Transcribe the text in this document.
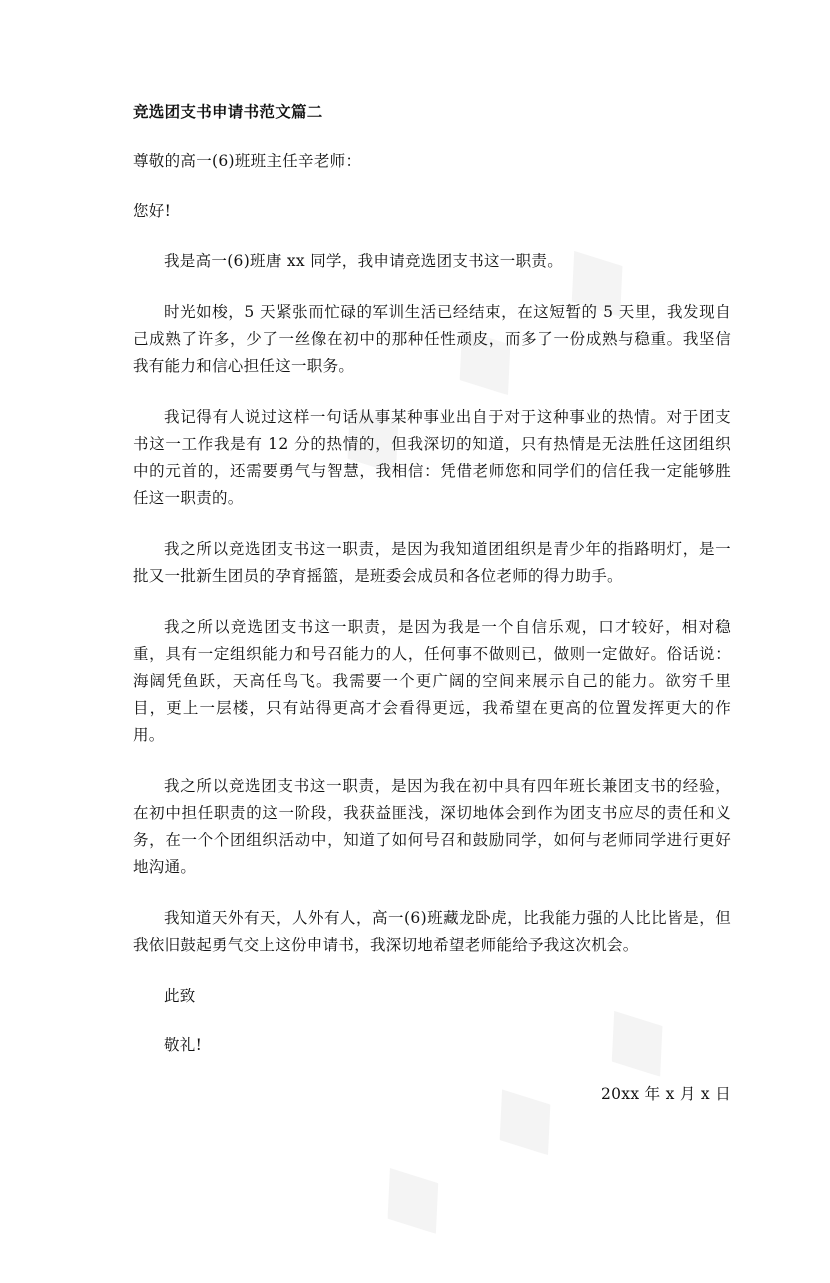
竞选团支书申请书范文篇二
尊敬的高一(6)班班主任辛老师：
您好!
我是高一(6)班唐 xx 同学，我申请竞选团支书这一职责。
时光如梭，5 天紧张而忙碌的军训生活已经结束，在这短暂的 5 天里，我发现自己成熟了许多，少了一丝像在初中的那种任性顽皮，而多了一份成熟与稳重。我坚信我有能力和信心担任这一职务。
我记得有人说过这样一句话从事某种事业出自于对于这种事业的热情。对于团支书这一工作我是有 12 分的热情的，但我深切的知道，只有热情是无法胜任这团组织中的元首的，还需要勇气与智慧，我相信：凭借老师您和同学们的信任我一定能够胜任这一职责的。
我之所以竞选团支书这一职责，是因为我知道团组织是青少年的指路明灯，是一批又一批新生团员的孕育摇篮，是班委会成员和各位老师的得力助手。
我之所以竞选团支书这一职责，是因为我是一个自信乐观，口才较好，相对稳重，具有一定组织能力和号召能力的人，任何事不做则已，做则一定做好。俗话说：海阔凭鱼跃，天高任鸟飞。我需要一个更广阔的空间来展示自己的能力。欲穷千里目，更上一层楼，只有站得更高才会看得更远，我希望在更高的位置发挥更大的作用。
我之所以竞选团支书这一职责，是因为我在初中具有四年班长兼团支书的经验，在初中担任职责的这一阶段，我获益匪浅，深切地体会到作为团支书应尽的责任和义务，在一个个团组织活动中，知道了如何号召和鼓励同学，如何与老师同学进行更好地沟通。
我知道天外有天，人外有人，高一(6)班藏龙卧虎，比我能力强的人比比皆是，但我依旧鼓起勇气交上这份申请书，我深切地希望老师能给予我这次机会。
此致
敬礼!
20xx 年 x 月 x 日
